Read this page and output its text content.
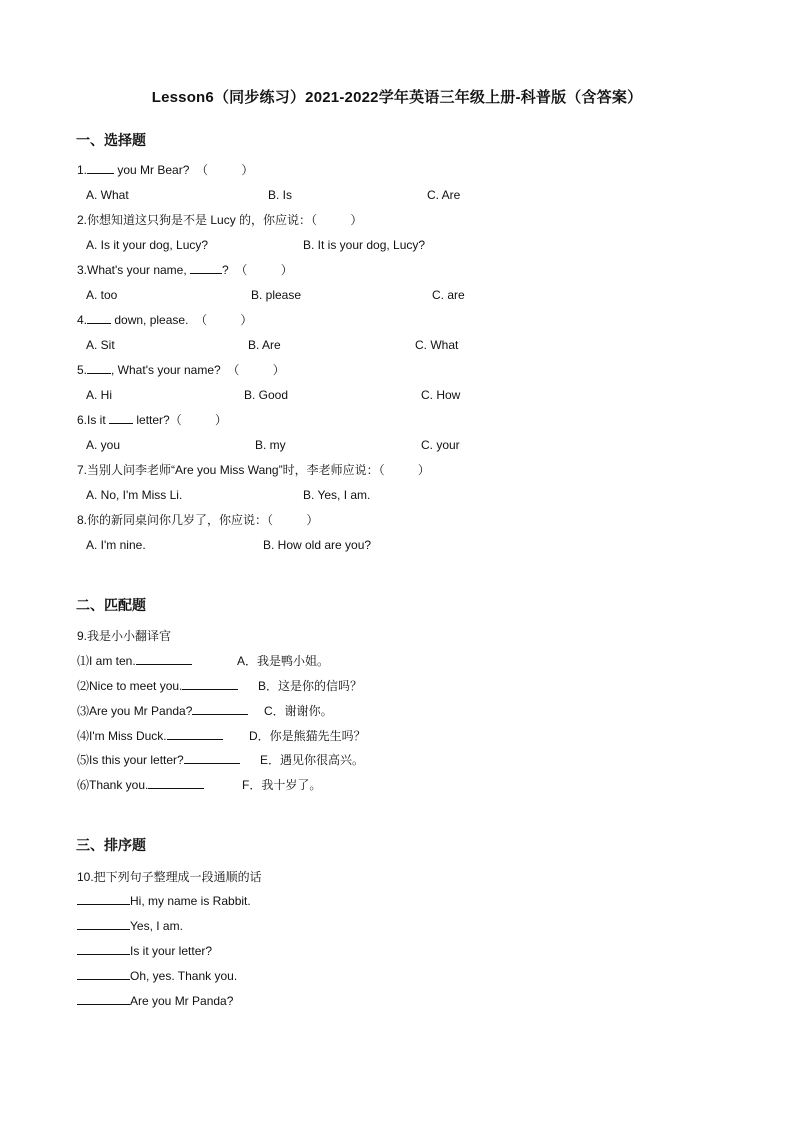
Lesson6（同步练习）2021-2022学年英语三年级上册-科普版（含答案）
一、选择题
1. you Mr Bear?  （          ）
A. What	B. Is	C. Are
2.你想知道这只狗是不是 Lucy 的，你应说：（          ）
A. Is it your dog, Lucy?	B. It is your dog, Lucy?
3.What's your name,	?  （          ）
A. too	B. please	C. are
4. down, please.  （          ）
A. Sit	B. Are	C. What
5. , What's your name?  （          ）
A. Hi	B. Good	C. How
6.Is it  letter?（          ）
A. you	B. my	C. your
7.当别人问李老师“Are you Miss Wang”时，李老师应说：（          ）
A. No, I'm Miss Li.	B. Yes, I am.
8.你的新同桌问你几岁了，你应说：（          ）
A. I'm nine.	B. How old are you?
二、匹配题
9.我是小小翻译官
⑴I am ten.	A．我是鸭小姐。
⑵Nice to meet you.	B．这是你的信吗？
⑶Are you Mr Panda?	C．谢谢你。
⑷I'm Miss Duck.	D．你是熊猫先生吗？
⑸Is this your letter?	E．遇见你很高兴。
⑹Thank you.	F．我十岁了。
三、排序题
10.把下列句子整理成一段通顺的话
Hi, my name is Rabbit.
Yes, I am.
Is it your letter?
Oh, yes. Thank you.
Are you Mr Panda?
